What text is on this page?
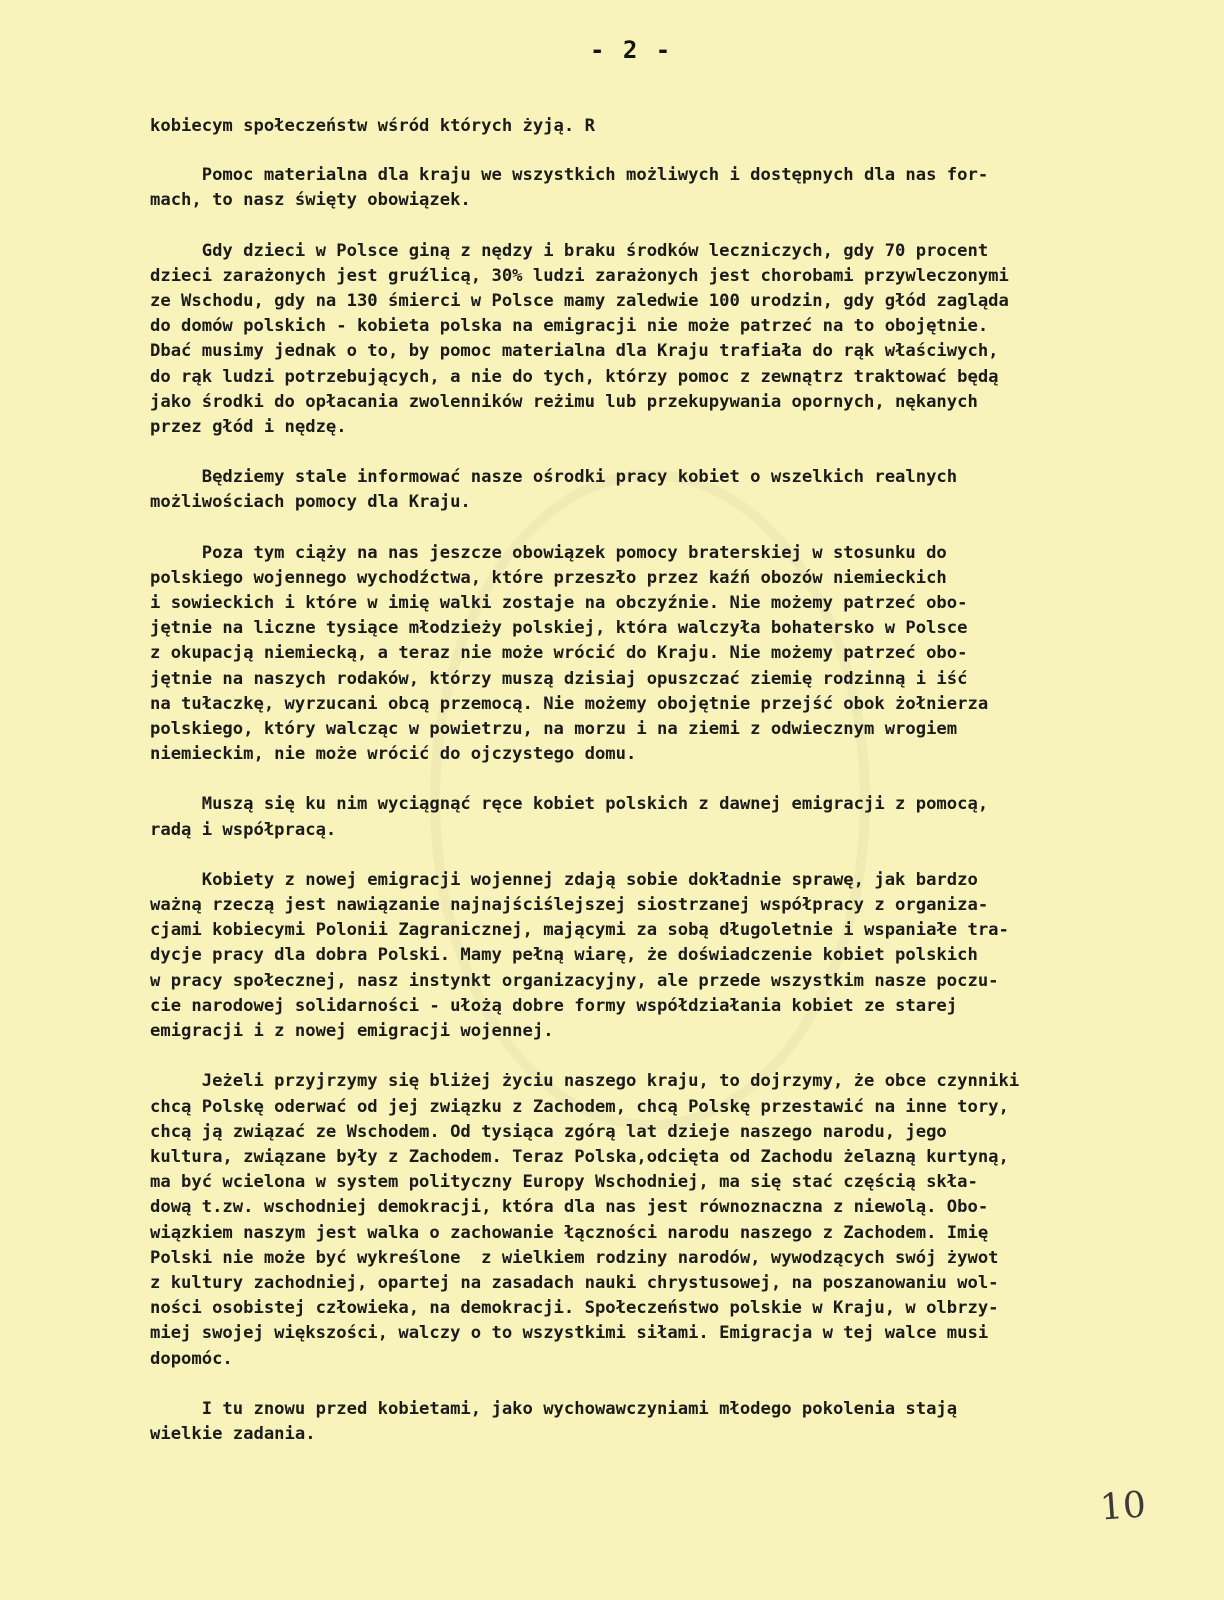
- 2 -
kobiecym społeczeństw wśród których żyją. R
Pomoc materialna dla kraju we wszystkich możliwych i dostępnych dla nas for-
mach, to nasz święty obowiązek.
Gdy dzieci w Polsce giną z nędzy i braku środków leczniczych, gdy 70 procent
dzieci zarażonych jest gruźlicą, 30% ludzi zarażonych jest chorobami przywleczonymi
ze Wschodu, gdy na 130 śmierci w Polsce mamy zaledwie 100 urodzin, gdy głód zagląda
do domów polskich - kobieta polska na emigracji nie może patrzeć na to obojętnie.
Dbać musimy jednak o to, by pomoc materialna dla Kraju trafiała do rąk właściwych,
do rąk ludzi potrzebujących, a nie do tych, którzy pomoc z zewnątrz traktować będą
jako środki do opłacania zwolenników reżimu lub przekupywania opornych, nękanych
przez głód i nędzę.
Będziemy stale informować nasze ośrodki pracy kobiet o wszelkich realnych
możliwościach pomocy dla Kraju.
Poza tym ciąży na nas jeszcze obowiązek pomocy braterskiej w stosunku do
polskiego wojennego wychodźctwa, które przeszło przez kaźń obozów niemieckich
i sowieckich i które w imię walki zostaje na obczyźnie. Nie możemy patrzeć obo-
jętnie na liczne tysiące młodzieży polskiej, która walczyła bohatersko w Polsce
z okupacją niemiecką, a teraz nie może wrócić do Kraju. Nie możemy patrzeć obo-
jętnie na naszych rodaków, którzy muszą dzisiaj opuszczać ziemię rodzinną i iść
na tułaczkę, wyrzucani obcą przemocą. Nie możemy obojętnie przejść obok żołnierza
polskiego, który walcząc w powietrzu, na morzu i na ziemi z odwiecznym wrogiem
niemieckim, nie może wrócić do ojczystego domu.
Muszą się ku nim wyciągnąć ręce kobiet polskich z dawnej emigracji z pomocą,
radą i współpracą.
Kobiety z nowej emigracji wojennej zdają sobie dokładnie sprawę, jak bardzo
ważną rzeczą jest nawiązanie najnajściślejszej siostrzanej współpracy z organiza-
cjami kobiecymi Polonii Zagranicznej, mającymi za sobą długoletnie i wspaniałe tra-
dycje pracy dla dobra Polski. Mamy pełną wiarę, że doświadczenie kobiet polskich
w pracy społecznej, nasz instynkt organizacyjny, ale przede wszystkim nasze poczu-
cie narodowej solidarności - ułożą dobre formy współdziałania kobiet ze starej
emigracji i z nowej emigracji wojennej.
Jeżeli przyjrzymy się bliżej życiu naszego kraju, to dojrzymy, że obce czynniki
chcą Polskę oderwać od jej związku z Zachodem, chcą Polskę przestawić na inne tory,
chcą ją związać ze Wschodem. Od tysiąca zgórą lat dzieje naszego narodu, jego
kultura, związane były z Zachodem. Teraz Polska,odcięta od Zachodu żelazną kurtyną,
ma być wcielona w system polityczny Europy Wschodniej, ma się stać częścią skła-
dową t.zw. wschodniej demokracji, która dla nas jest równoznaczna z niewolą. Obo-
wiązkiem naszym jest walka o zachowanie łączności narodu naszego z Zachodem. Imię
Polski nie może być wykreślone  z wielkiem rodziny narodów, wywodzących swój żywot
z kultury zachodniej, opartej na zasadach nauki chrystusowej, na poszanowaniu wol-
ności osobistej człowieka, na demokracji. Społeczeństwo polskie w Kraju, w olbrzy-
miej swojej większości, walczy o to wszystkimi siłami. Emigracja w tej walce musi
dopomóc.
I tu znowu przed kobietami, jako wychowawczyniami młodego pokolenia stają
wielkie zadania.
10
